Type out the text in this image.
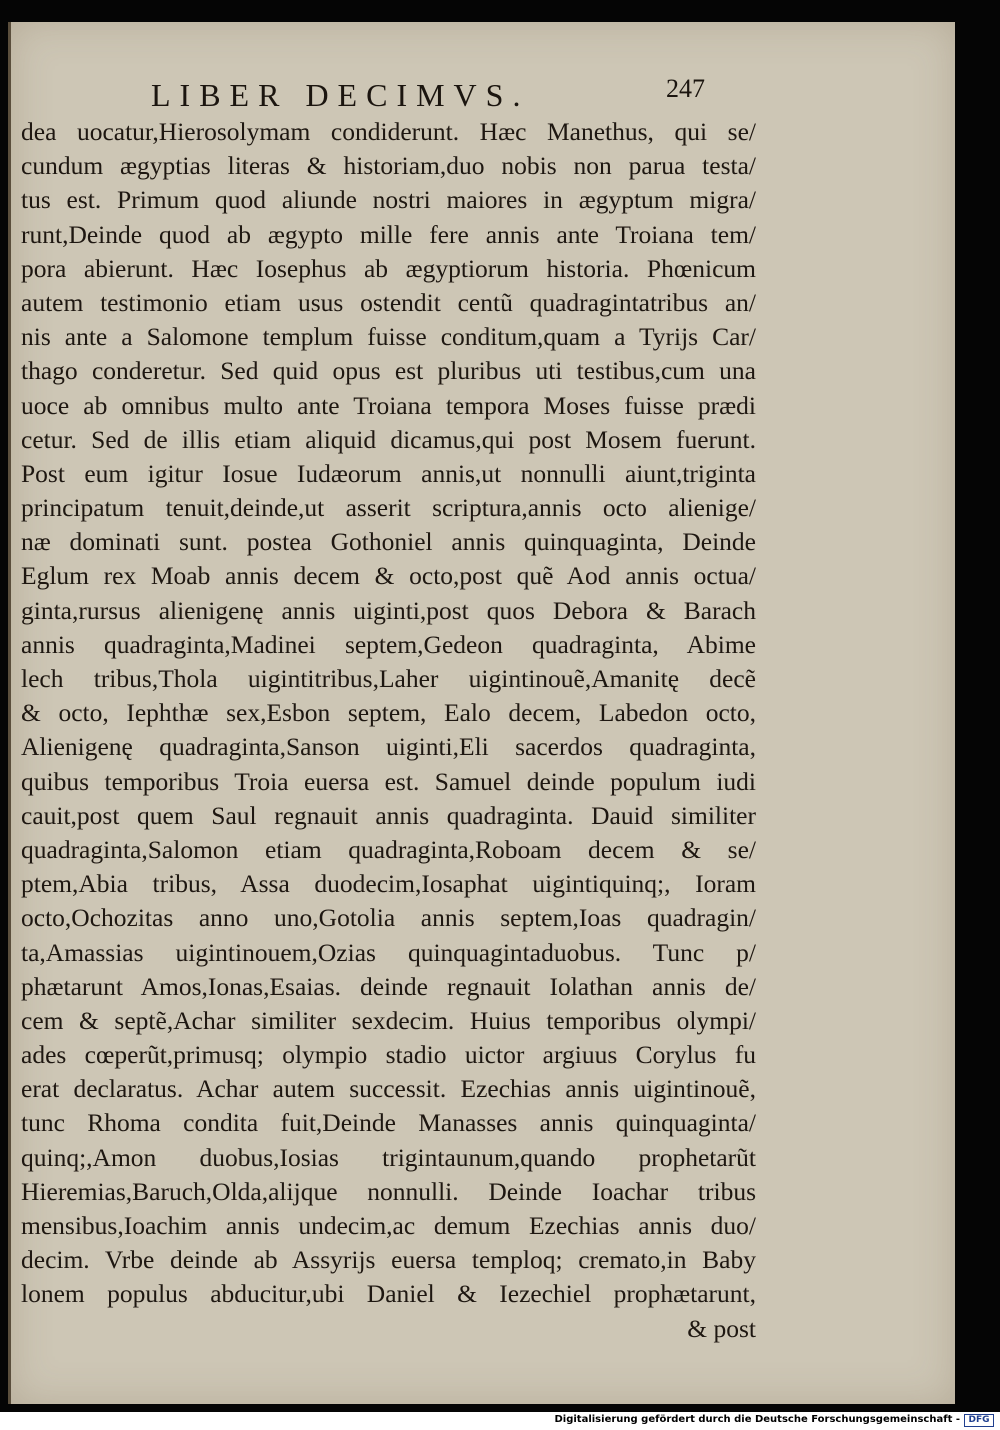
LIBER DECIMVS.	247
dea uocatur,Hierosolymam condiderunt. Hæc Manethus, qui se/
cundum ægyptias literas & historiam,duo nobis non parua testa/
tus est. Primum quod aliunde nostri maiores in ægyptum migra/
runt,Deinde quod ab ægypto mille fere annis ante Troiana tem/
pora abierunt. Hæc Iosephus ab ægyptiorum historia. Phœnicum
autem testimonio etiam usus ostendit centũ quadragintatribus an/
nis ante a Salomone templum fuisse conditum,quam a Tyrijs Car/
thago conderetur. Sed quid opus est pluribus uti testibus,cum una
uoce ab omnibus multo ante Troiana tempora Moses fuisse prædi
cetur. Sed de illis etiam aliquid dicamus,qui post Mosem fuerunt.
Post eum igitur Iosue Iudæorum annis,ut nonnulli aiunt,triginta
principatum tenuit,deinde,ut asserit scriptura,annis octo alienige/
næ dominati sunt. postea Gothoniel annis quinquaginta, Deinde
Eglum rex Moab annis decem & octo,post quẽ Aod annis octua/
ginta,rursus alienigenę annis uiginti,post quos Debora & Barach
annis quadraginta,Madinei septem,Gedeon quadraginta, Abime
lech tribus,Thola uigintitribus,Laher uigintinouẽ,Amanitę decẽ
& octo, Iephthæ sex,Esbon septem, Ealo decem, Labedon octo,
Alienigenę quadraginta,Sanson uiginti,Eli sacerdos quadraginta,
quibus temporibus Troia euersa est. Samuel deinde populum iudi
cauit,post quem Saul regnauit annis quadraginta. Dauid similiter
quadraginta,Salomon etiam quadraginta,Roboam decem & se/
ptem,Abia tribus, Assa duodecim,Iosaphat uigintiquinq;, Ioram
octo,Ochozitas anno uno,Gotolia annis septem,Ioas quadragin/
ta,Amassias uigintinouem,Ozias quinquagintaduobus. Tunc p/
phætarunt Amos,Ionas,Esaias. deinde regnauit Iolathan annis de/
cem & septẽ,Achar similiter sexdecim. Huius temporibus olympi/
ades cœperũt,primusq; olympio stadio uictor argiuus Corylus fu
erat declaratus. Achar autem successit. Ezechias annis uigintinouẽ,
tunc Rhoma condita fuit,Deinde Manasses annis quinquaginta/
quinq;,Amon duobus,Iosias trigintaunum,quando prophetarũt
Hieremias,Baruch,Olda,alijque nonnulli. Deinde Ioachar tribus
mensibus,Ioachim annis undecim,ac demum Ezechias annis duo/
decim. Vrbe deinde ab Assyrijs euersa temploq; cremato,in Baby
lonem populus abducitur,ubi Daniel & Iezechiel prophætarunt,
& post
Digitalisierung gefördert durch die Deutsche Forschungsgemeinschaft - DFG
